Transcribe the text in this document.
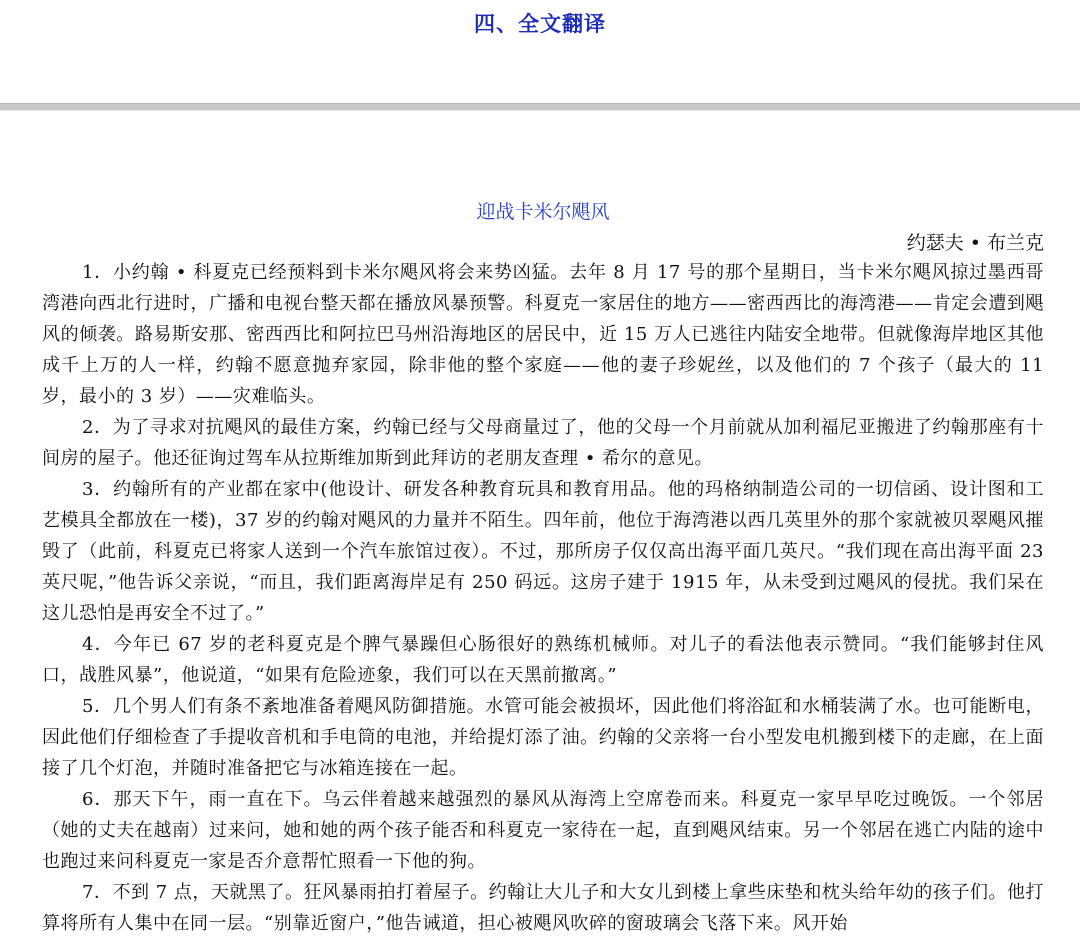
四、全文翻译

迎战卡米尔飓风

约瑟夫 • 布兰克

1．小约翰 • 科夏克已经预料到卡米尔飓风将会来势凶猛。去年 8 月 17 号的那个星期日，当卡米尔飓风掠过墨西哥湾港向西北行进时，广播和电视台整天都在播放风暴预警。科夏克一家居住的地方——密西西比的海湾港——肯定会遭到飓风的倾袭。路易斯安那、密西西比和阿拉巴马州沿海地区的居民中，近 15 万人已逃往内陆安全地带。但就像海岸地区其他成千上万的人一样，约翰不愿意抛弃家园，除非他的整个家庭——他的妻子珍妮丝，以及他们的 7 个孩子（最大的 11 岁，最小的 3 岁）——灾难临头。

2．为了寻求对抗飓风的最佳方案，约翰已经与父母商量过了，他的父母一个月前就从加利福尼亚搬进了约翰那座有十间房的屋子。他还征询过驾车从拉斯维加斯到此拜访的老朋友查理 • 希尔的意见。

3．约翰所有的产业都在家中(他设计、研发各种教育玩具和教育用品。他的玛格纳制造公司的一切信函、设计图和工艺模具全都放在一楼)，37 岁的约翰对飓风的力量并不陌生。四年前，他位于海湾港以西几英里外的那个家就被贝翠飓风摧毁了（此前，科夏克已将家人送到一个汽车旅馆过夜）。不过，那所房子仅仅高出海平面几英尺。“我们现在高出海平面 23 英尺呢，”他告诉父亲说，“而且，我们距离海岸足有 250 码远。这房子建于 1915 年，从未受到过飓风的侵扰。我们呆在这儿恐怕是再安全不过了。”

4．今年已 67 岁的老科夏克是个脾气暴躁但心肠很好的熟练机械师。对儿子的看法他表示赞同。“我们能够封住风口，战胜风暴”，他说道，“如果有危险迹象，我们可以在天黑前撤离。”

5．几个男人们有条不紊地准备着飓风防御措施。水管可能会被损坏，因此他们将浴缸和水桶装满了水。也可能断电，因此他们仔细检查了手提收音机和手电筒的电池，并给提灯添了油。约翰的父亲将一台小型发电机搬到楼下的走廊，在上面接了几个灯泡，并随时准备把它与冰箱连接在一起。

6．那天下午，雨一直在下。乌云伴着越来越强烈的暴风从海湾上空席卷而来。科夏克一家早早吃过晚饭。一个邻居（她的丈夫在越南）过来问，她和她的两个孩子能否和科夏克一家待在一起，直到飓风结束。另一个邻居在逃亡内陆的途中也跑过来问科夏克一家是否介意帮忙照看一下他的狗。

7．不到 7 点，天就黑了。狂风暴雨拍打着屋子。约翰让大儿子和大女儿到楼上拿些床垫和枕头给年幼的孩子们。他打算将所有人集中在同一层。“别靠近窗户，”他告诫道，担心被飓风吹碎的窗玻璃会飞落下来。风开始
